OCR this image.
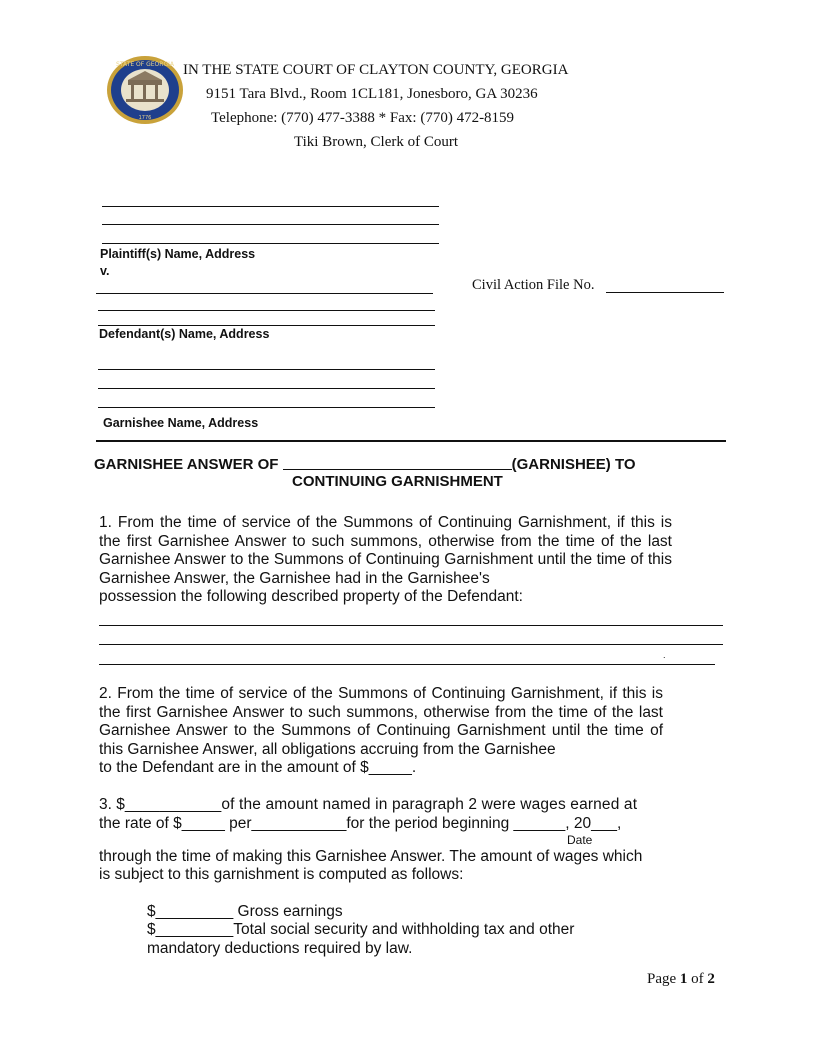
STATE OF GEORGIA
1776
IN THE STATE COURT OF CLAYTON COUNTY, GEORGIA
9151 Tara Blvd., Room 1CL181, Jonesboro, GA 30236
Telephone: (770) 477-3388 * Fax: (770) 472-8159
Tiki Brown, Clerk of Court
Plaintiff(s) Name, Address
v.
Civil Action File No.
Defendant(s) Name, Address
Garnishee Name, Address
GARNISHEE ANSWER OF	(GARNISHEE) TO
CONTINUING GARNISHMENT
1. From the time of service of the Summons of Continuing Garnishment, if this is the first Garnishee Answer to such summons, otherwise from the time of the last Garnishee Answer to the Summons of Continuing Garnishment until the time of this Garnishee Answer, the Garnishee had in the Garnishee's
possession the following described property of the Defendant:
.
2. From the time of service of the Summons of Continuing Garnishment, if this is the first Garnishee Answer to such summons, otherwise from the time of the last Garnishee Answer to the Summons of Continuing Garnishment until the time of this Garnishee Answer, all obligations accruing from the Garnishee
to the Defendant are in the amount of $_____.
3. $___________of the amount named in paragraph 2 were wages earned at
the rate of $_____ per___________for the period beginning ______, 20___,
Date
through the time of making this Garnishee Answer. The amount of wages which
is subject to this garnishment is computed as follows:
$_________ Gross earnings
$_________Total social security and withholding tax and other
mandatory deductions required by law.
Page 1 of 2
